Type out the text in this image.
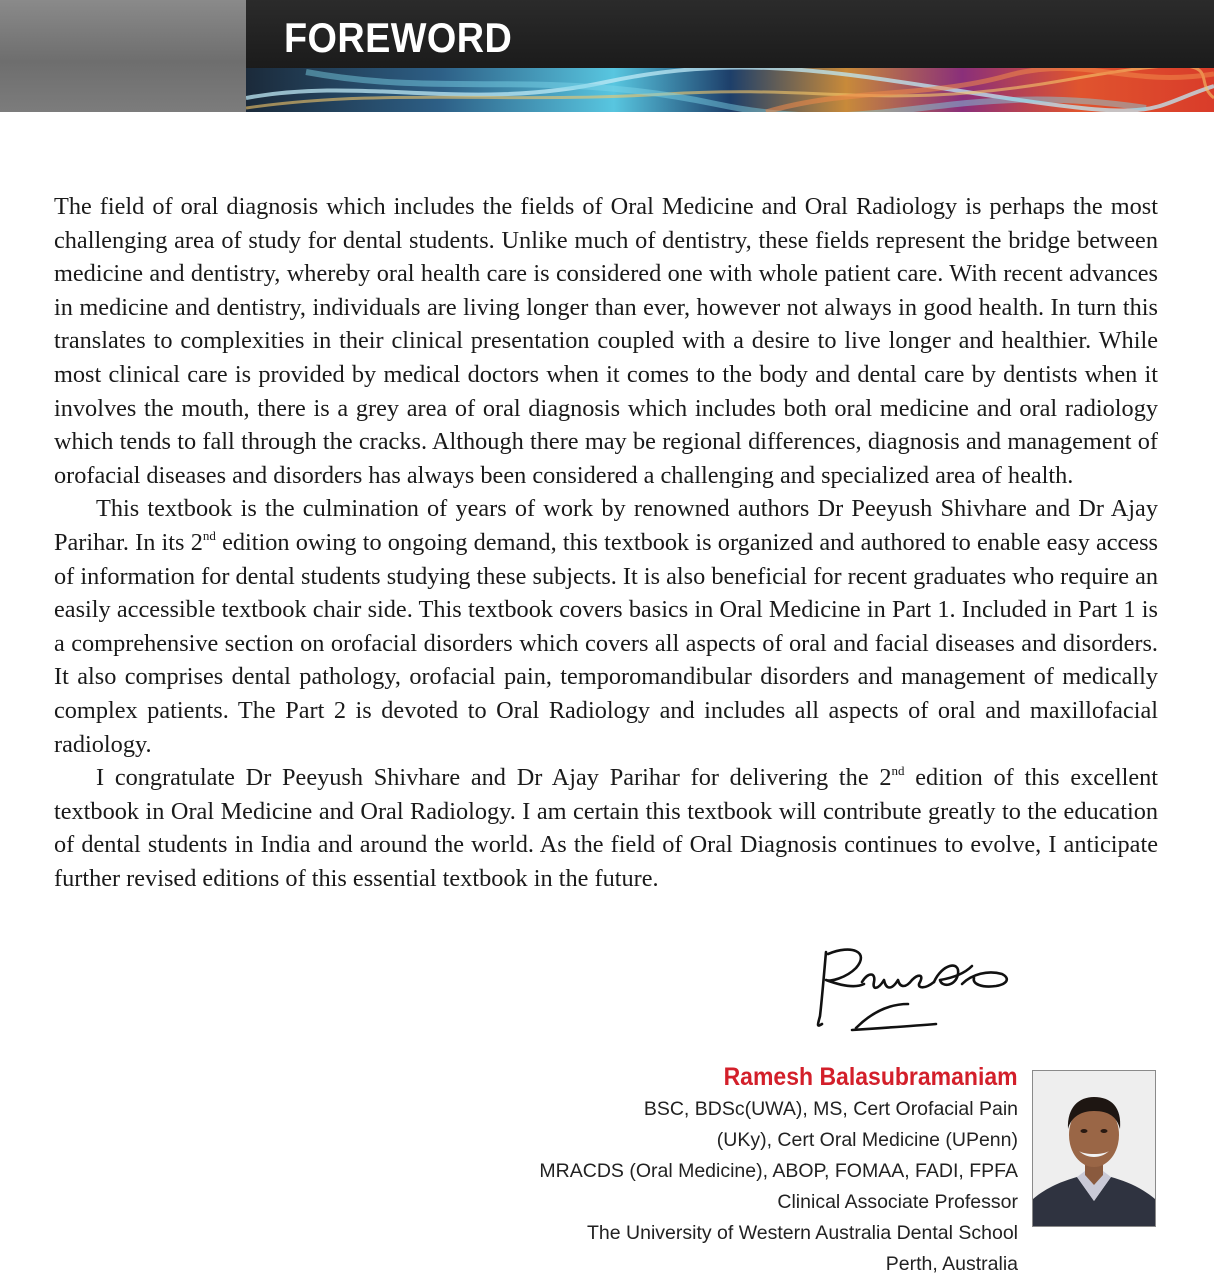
FOREWORD

The field of oral diagnosis which includes the fields of Oral Medicine and Oral Radiology is perhaps the most challenging area of study for dental students. Unlike much of dentistry, these fields represent the bridge between medicine and dentistry, whereby oral health care is considered one with whole patient care. With recent advances in medicine and dentistry, individuals are living longer than ever, however not always in good health. In turn this translates to complexities in their clinical presentation coupled with a desire to live longer and healthier. While most clinical care is provided by medical doctors when it comes to the body and dental care by dentists when it involves the mouth, there is a grey area of oral diagnosis which includes both oral medicine and oral radiology which tends to fall through the cracks. Although there may be regional differences, diagnosis and management of orofacial diseases and disorders has always been considered a challenging and specialized area of health.

This textbook is the culmination of years of work by renowned authors Dr Peeyush Shivhare and Dr Ajay Parihar. In its 2nd edition owing to ongoing demand, this textbook is organized and authored to enable easy access of information for dental students studying these subjects. It is also beneficial for recent graduates who require an easily accessible textbook chair side. This textbook covers basics in Oral Medicine in Part 1. Included in Part 1 is a comprehensive section on orofacial disorders which covers all aspects of oral and facial diseases and disorders. It also comprises dental pathology, orofacial pain, temporomandibular disorders and management of medically complex patients. The Part 2 is devoted to Oral Radiology and includes all aspects of oral and maxillofacial radiology.

I congratulate Dr Peeyush Shivhare and Dr Ajay Parihar for delivering the 2nd edition of this excellent textbook in Oral Medicine and Oral Radiology. I am certain this textbook will contribute greatly to the education of dental students in India and around the world. As the field of Oral Diagnosis continues to evolve, I anticipate further revised editions of this essential textbook in the future.

Ramesh Balasubramaniam

BSC, BDSc(UWA), MS, Cert Orofacial Pain

(UKy), Cert Oral Medicine (UPenn)

MRACDS (Oral Medicine), ABOP, FOMAA, FADI, FPFA

Clinical Associate Professor

The University of Western Australia Dental School

Perth, Australia
